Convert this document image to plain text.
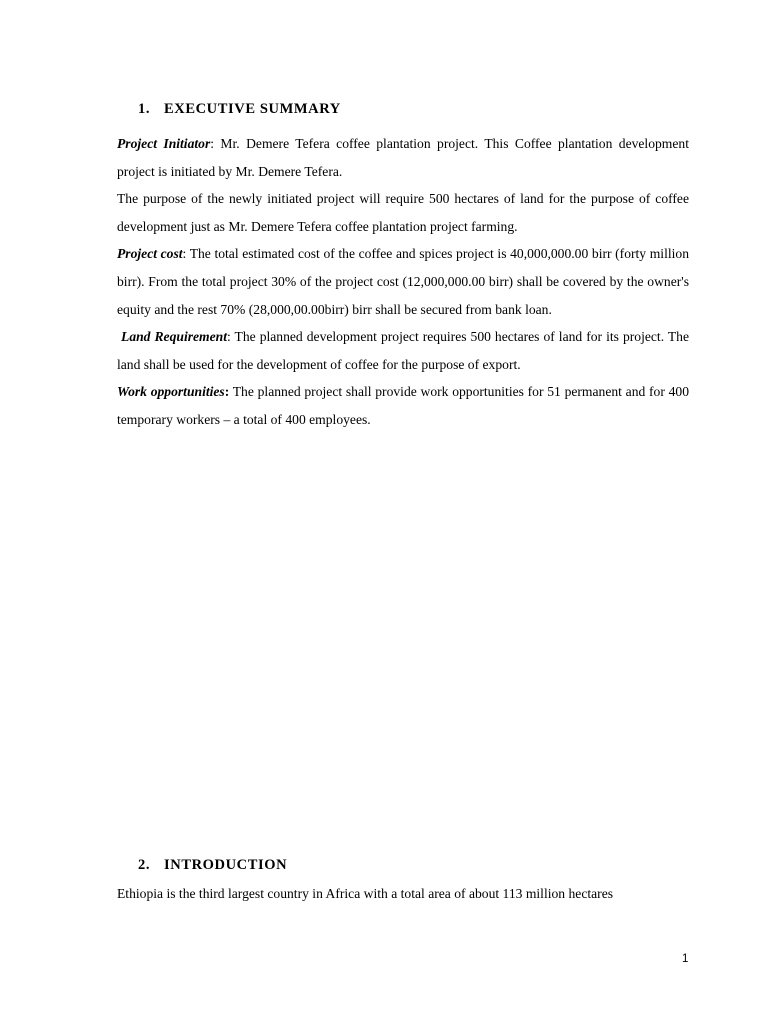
1. EXECUTIVE SUMMARY

Project Initiator: Mr. Demere Tefera coffee plantation project. This Coffee plantation development project is initiated by Mr. Demere Tefera.

The purpose of the newly initiated project will require 500 hectares of land for the purpose of coffee development just as Mr. Demere Tefera coffee plantation project farming.

Project cost: The total estimated cost of the coffee and spices project is 40,000,000.00 birr (forty million birr). From the total project 30% of the project cost (12,000,000.00 birr) shall be covered by the owner's equity and the rest 70% (28,000,00.00birr) birr shall be secured from bank loan.

Land Requirement: The planned development project requires 500 hectares of land for its project. The land shall be used for the development of coffee for the purpose of export.

Work opportunities: The planned project shall provide work opportunities for 51 permanent and for 400 temporary workers – a total of 400 employees.

2. INTRODUCTION

Ethiopia is the third largest country in Africa with a total area of about 113 million hectares

1
